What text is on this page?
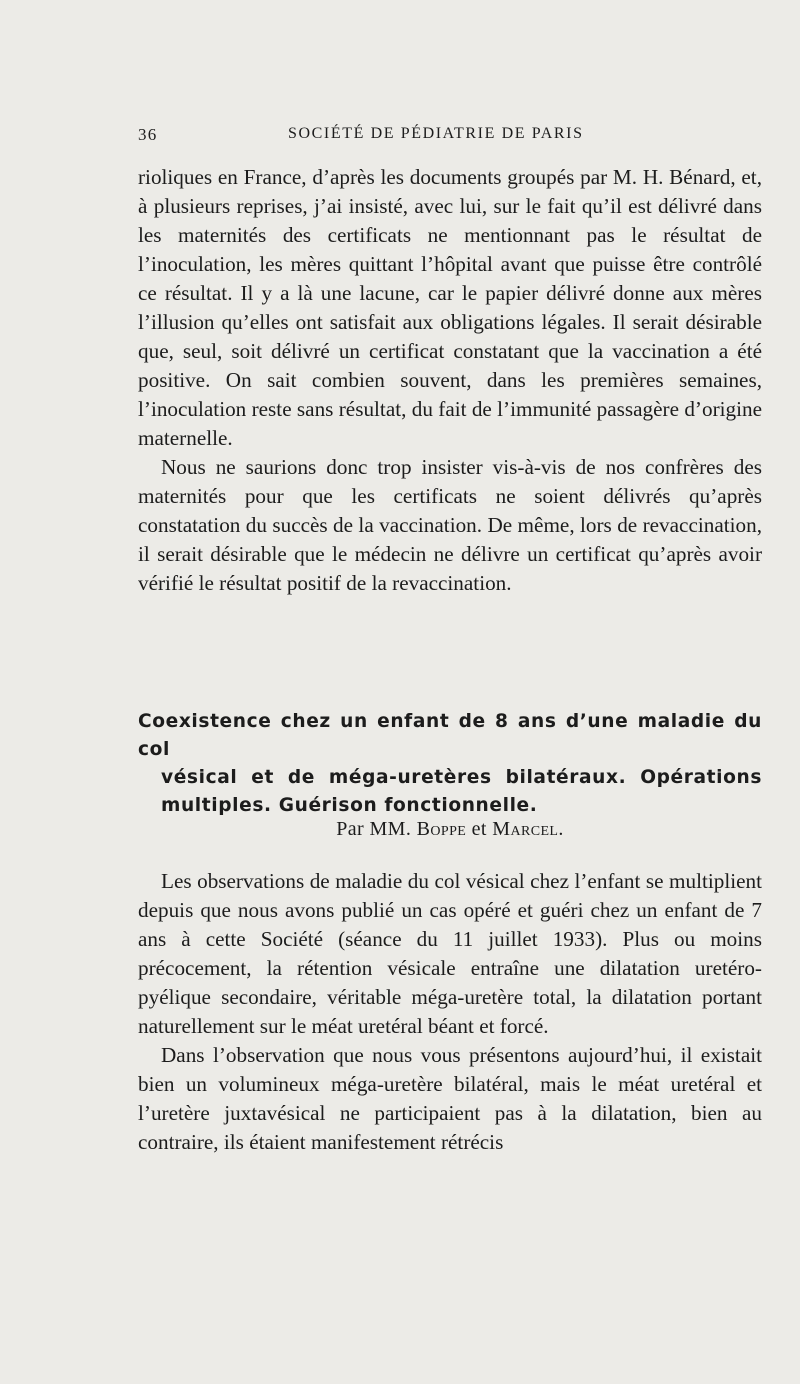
36	SOCIÉTÉ DE PÉDIATRIE DE PARIS

rioliques en France, d’après les documents groupés par M. H. Bénard, et, à plusieurs reprises, j’ai insisté, avec lui, sur le fait qu’il est délivré dans les maternités des certificats ne mentionnant pas le résultat de l’inoculation, les mères quittant l’hôpital avant que puisse être contrôlé ce résultat. Il y a là une lacune, car le papier délivré donne aux mères l’illusion qu’elles ont satisfait aux obligations légales. Il serait désirable que, seul, soit délivré un certificat constatant que la vaccination a été positive. On sait combien souvent, dans les premières semaines, l’inoculation reste sans résultat, du fait de l’immunité passagère d’origine maternelle.

Nous ne saurions donc trop insister vis-à-vis de nos confrères des maternités pour que les certificats ne soient délivrés qu’après constatation du succès de la vaccination. De même, lors de revaccination, il serait désirable que le médecin ne délivre un certificat qu’après avoir vérifié le résultat positif de la revaccination.

Coexistence chez un enfant de 8 ans d’une maladie du col
vésical et de méga-uretères bilatéraux. Opérations
multiples. Guérison fonctionnelle.
Par MM. Boppe et Marcel.

Les observations de maladie du col vésical chez l’enfant se multiplient depuis que nous avons publié un cas opéré et guéri chez un enfant de 7 ans à cette Société (séance du 11 juillet 1933). Plus ou moins précocement, la rétention vésicale entraîne une dilatation uretéro-pyélique secondaire, véritable méga-uretère total, la dilatation portant naturellement sur le méat uretéral béant et forcé.

Dans l’observation que nous vous présentons aujourd’hui, il existait bien un volumineux méga-uretère bilatéral, mais le méat uretéral et l’uretère juxtavésical ne participaient pas à la dilatation, bien au contraire, ils étaient manifestement rétrécis
